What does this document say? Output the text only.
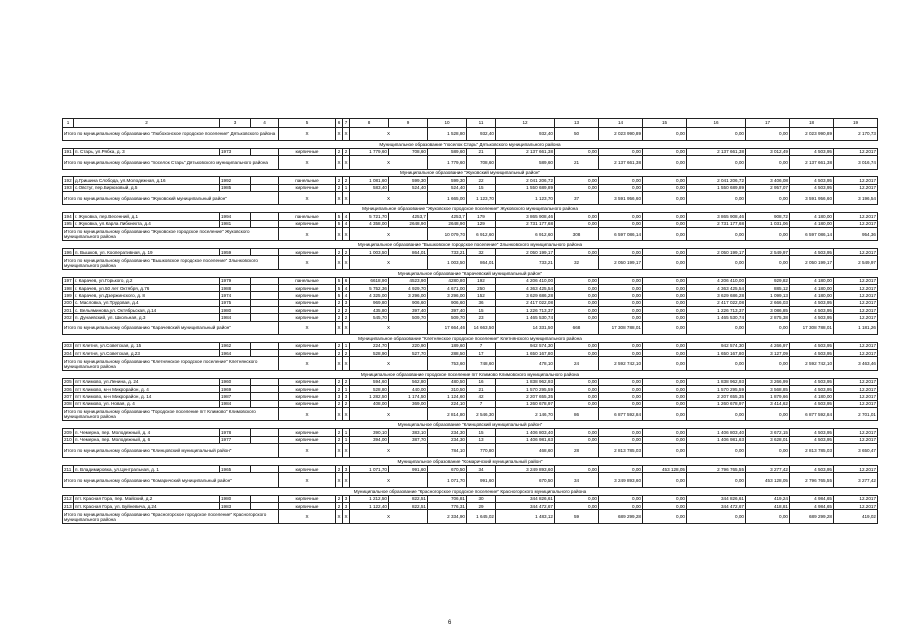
1	2	3	4	5	6	7	8	9	10	11	12	13	14	15	16	17	18	19	
Итого по муниципальному образованию "Любохонское городское поселение" Дятьковского района				X	X	X	X		1 528,80	932,40	932,40	50	2 023 990,89	0,00	0,00	0,00	2 023 990,89	2 170,73		
Муниципальное образование "поселок Старь" Дятьковского муниципального района																			
191	п. Старь, ул.Рябка, д. 3	1973		кирпичные	2	2	1 779,60	708,60	589,60	21	2 137 661,38	0,00	0,00	0,00	2 137 661,38	3 012,49	4 503,95	12.2017	
Итого по муниципальному образованию "поселок Старь" Дятьковского муниципального района				X	X	X	X		1 779,60	708,60	589,60	21	2 137 661,38	0,00	0,00	0,00	2 137 661,38	3 016,74		
Муниципальное образование "Жуковский муниципальный район"																			
192	д.Гришина Слобода, ул.Молодежная, д.16	1992		панельные	2	2	1 081,60	599,30	599,30	22	2 041 206,72	0,00	0,00	0,00	2 041 206,72	3 406,08	4 503,95	12.2017	
193	с.Овстуг, пер.Бирюзовый, д.5	1985		кирпичные	2	1	583,40	524,40	524,40	15	1 550 689,89	0,00	0,00	0,00	1 550 689,89	2 957,07	4 503,95	12.2017	
Итого по муниципальному образованию "Жуковский муниципальный район"				X	X	X	X		1 665,00	1 123,70	1 123,70	37	3 591 956,60	0,00	0,00	0,00	3 591 956,60	3 196,54		
Муниципальное образование "Жуковское городское поселение" Жуковского муниципального района																			
194	г. Жуковка, пер.Весенний, д.1	1994		панельные	5	4	5 721,70	4253,7	4253,7	179	3 865 908,46	0,00	0,00	0,00	3 865 908,46	908,72	4 180,00	12.2017	
195	г. Жуковка, ул.Карла Либкнехта, д.4	1981		кирпичные	5	4	4 358,00	2648,90	2648,90	129	2 731 177,68	0,00	0,00	0,00	2 731 177,68	1 031,06	4 180,00	12.2017	
Итого по муниципальному образованию "Жуковское городское поселение" Жуковского муниципального района				X	X	X	X		10 079,70	6 912,60	6 912,60	308	6 597 086,14	0,00	0,00	0,00	6 597 086,14	954,36		
Муниципальное образование "Вышковское городское поселение" Злынковского муниципального района																			
196	п. Вышков, ул. Кооперативная, д. 19	1959		кирпичные	2	2	1 003,50	864,01	733,21	32	2 050 199,17	0,00	0,00	0,00	2 050 199,17	2 549,97	4 503,95	12.2017	
Итого по муниципальному образованию "Вышковское городское поселение" Злынковского муниципального района				X	X	X	X		1 003,50	864,01	733,21	32	2 050 199,17	0,00	0,00	0,00	2 050 199,17	2 549,97		
Муниципальное образование "Карачевский муниципальный район"																			
197	г. Карачев, ул.Горького, д.2	1979		панельные	5	6	6618,90	4523,90	4280,80	192	4 206 410,00	0,00	0,00	0,00	4 206 410,00	929,82	4 180,00	12.2017	
198	г. Карачев, ул.50 лет Октября, д.76	1988		кирпичные	5	4	5 752,36	4 929,70	4 671,00	250	4 363 425,54	0,00	0,00	0,00	4 363 425,54	885,12	4 180,00	12.2017	
199	г. Карачев, ул.Дзержинского, д. 8	1974		кирпичные	5	4	4 325,00	3 296,00	3 296,00	152	3 629 686,28	0,00	0,00	0,00	3 629 686,28	1 099,13	4 180,00	12.2017	
200	с. Масловка, ул.Трудовая, д.4	1975		кирпичные	2	3	969,80	906,60	906,60	36	2 417 022,08	0,00	0,00	0,00	2 417 022,08	2 666,03	4 503,95	12.2017	
201	с. Вельяминова,ул. Октябрьская, д.14	1980		кирпичные	2	2	435,80	397,40	397,40	15	1 226 713,37	0,00	0,00	0,00	1 226 713,37	3 086,85	4 503,95	12.2017	
202	п. Дунаевский, ул. Школьная, д.3	1984		кирпичные	2	2	545,70	509,70	509,70	23	1 465 530,74	0,00	0,00	0,00	1 465 530,74	2 875,38	4 503,95	12.2017	
Итого по муниципальному образованию "Карачевский муниципальный район"				X	X	X	X		17 664,46	14 663,50	14 331,50	668	17 308 788,01	0,00	0,00	0,00	17 308 788,01	1 181,26		
Муниципальное образование "Клетнянское городское поселение" Клетнянского муниципального района																			
203	пгт Клетня, ул.Советская, д. 15	1962		кирпичные	2	1	224,70	220,90	189,60	7	942 574,30	0,00	0,00	0,00	942 574,30	4 266,97	4 503,95	12.2017	
204	пгт Клетня, ул.Советская, д.23	1964		кирпичные	2	2	528,90	527,70	288,50	17	1 650 167,80	0,00	0,00	0,00	1 650 167,80	3 127,09	4 503,95	12.2017	
Итого по муниципальному образованию "Клетнянское городское поселение" Клетнянского муниципального района				X	X	X	X		753,60	748,60	478,10	24	2 592 742,10	0,00	0,00	0,00	2 592 742,10	3 463,46		
Муниципальное образование городское поселение пгт Климово Климовского муниципального района																			
205	пгт Климово, ул.Ленина, д. 24	1960		кирпичные	2	2	594,60	562,80	480,50	16	1 838 962,93	0,00	0,00	0,00	1 838 962,93	3 266,99	4 503,95	12.2017	
206	пгт Климово, м-н Микрорайон, д. 4	1969		кирпичные	2	1	528,80	440,00	310,50	21	1 570 295,59	0,00	0,00	0,00	1 570 295,59	3 568,85	4 503,95	12.2017	
207	пгт Климово, м-н Микрорайон, д. 14	1987		кирпичные	3	3	1 282,50	1 174,50	1 124,60	42	2 207 655,35	0,00	0,00	0,00	2 207 655,35	1 879,66	4 180,00	12.2017	
208	пгт Климово, ул. Новая, д. 4	1984		кирпичные	2	2	408,00	369,00	224,10	7	1 260 678,97	0,00	0,00	0,00	1 260 678,97	3 414,62	4 503,95	12.2017	
Итого по муниципальному образованию "Городское поселение пгт Климово" Климовского муниципального района				X	X	X	X		2 814,80	2 546,30	2 146,70	86	6 877 592,84	0,00	0,00	0,00	6 877 592,84	2 701,01		
Муниципальное образование "Клинцовский муниципальный район"																			
209	п. Чемерна, пер. Молодежный, д. 4	1978		кирпичные	2	1	390,10	383,10	234,30	15	1 406 803,40	0,00	0,00	0,00	1 406 803,40	3 672,15	4 503,95	12.2017	
210	п. Чемерна, пер. Молодежный, д. 6	1977		кирпичные	2	1	394,00	387,70	234,30	13	1 406 981,63	0,00	0,00	0,00	1 406 981,63	3 628,01	4 503,95	12.2017	
Итого по муниципальному образованию "Клинцовский муниципальный район"				X	X	X	X		784,10	770,80	468,60	28	2 813 785,03	0,00	0,00	0,00	2 813 785,03	3 650,47		
Муниципальное образование "Комаричский муниципальный район"																			
211	п. Владимировка, ул.Центральная, д. 1	1965		кирпичные	2	3	1 071,70	991,60	670,50	34	3 249 893,60	0,00	0,00	453 128,05	2 796 765,55	3 277,42	4 503,95	12.2017	
Итого по муниципальному образованию "Комаричский муниципальный район"				X	X	X	X		1 071,70	991,60	670,50	34	3 249 893,60	0,00	0,00	453 128,05	2 796 765,55	3 277,42		
Муниципальное образование "Красногорское городское поселение" Красногорского муниципального района																			
212	пгт. Красная Гора, пер. Майский, д.2	1980		кирпичные	2	3	1 212,50	822,51	706,81	30	344 826,61	0,00	0,00	0,00	344 826,61	419,24	4 984,65	12.2017	
213	пгт. Красная Гора, ул. Буйневича, д.24	1983		кирпичные	2	3	1 122,40	822,51	776,31	29	344 472,67	0,00	0,00	0,00	344 472,67	418,81	4 984,65	12.2017	
Итого по муниципальному образованию "Красногорское городское поселение" Красногорского муниципального района				X	X	X	X		2 334,90	1 645,02	1 483,12	59	689 299,28	0,00	0,00	0,00	689 299,28	419,02		
6
